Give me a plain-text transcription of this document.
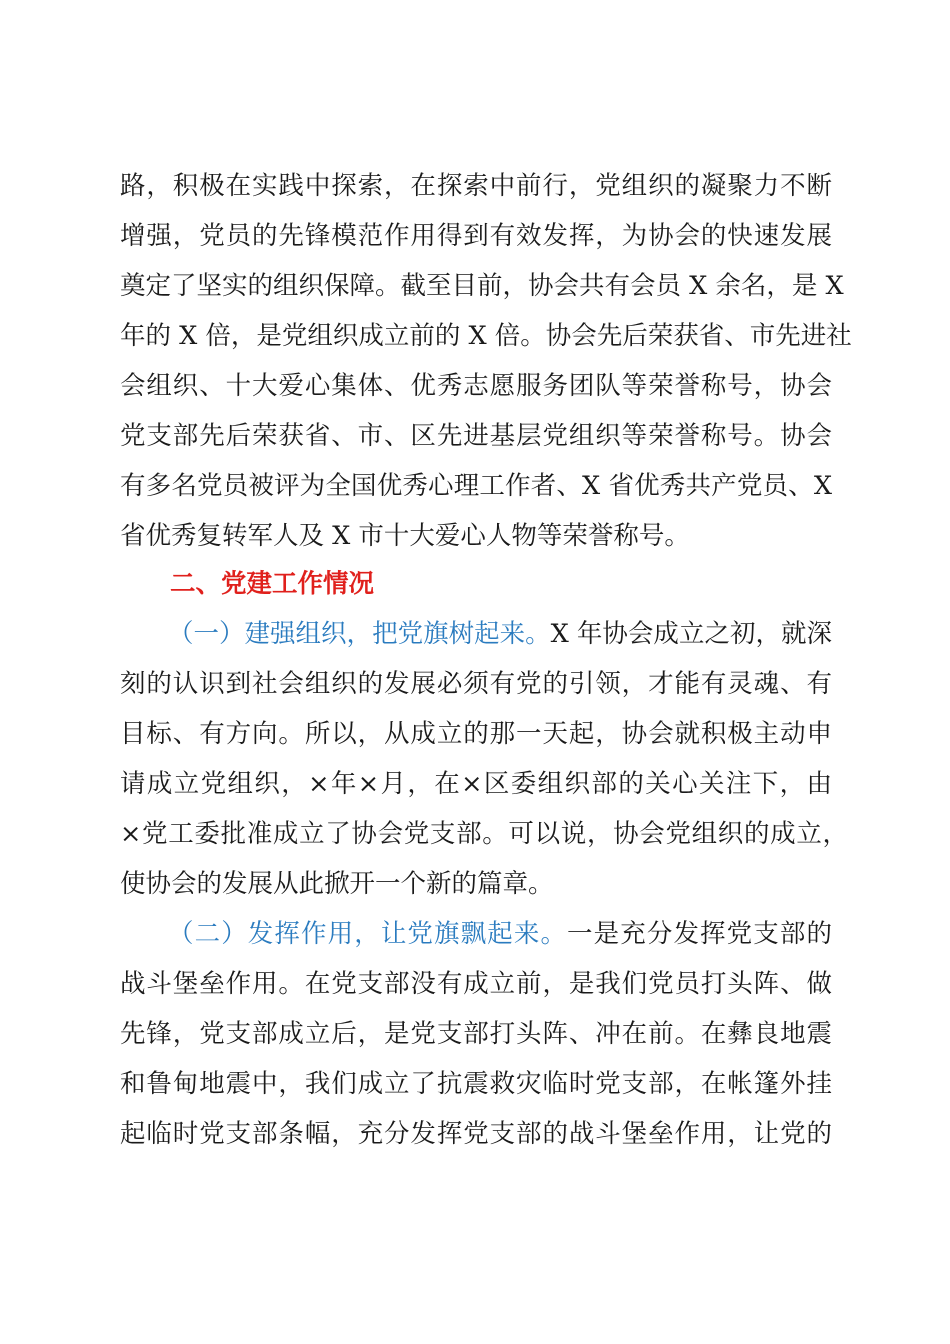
路，积极在实践中探索，在探索中前行，党组织的凝聚力不断
增强，党员的先锋模范作用得到有效发挥，为协会的快速发展
奠定了坚实的组织保障。截至目前，协会共有会员 X 余名，是 X
年的 X 倍，是党组织成立前的 X 倍。协会先后荣获省、市先进社
会组织、十大爱心集体、优秀志愿服务团队等荣誉称号，协会
党支部先后荣获省、市、区先进基层党组织等荣誉称号。协会
有多名党员被评为全国优秀心理工作者、X 省优秀共产党员、X
省优秀复转军人及 X 市十大爱心人物等荣誉称号。
二、党建工作情况
（一）建强组织，把党旗树起来。X 年协会成立之初，就深
刻的认识到社会组织的发展必须有党的引领，才能有灵魂、有
目标、有方向。所以，从成立的那一天起，协会就积极主动申
请成立党组织，×年×月，在×区委组织部的关心关注下，由
×党工委批准成立了协会党支部。可以说，协会党组织的成立，
使协会的发展从此掀开一个新的篇章。
（二）发挥作用，让党旗飘起来。一是充分发挥党支部的
战斗堡垒作用。在党支部没有成立前，是我们党员打头阵、做
先锋，党支部成立后，是党支部打头阵、冲在前。在彝良地震
和鲁甸地震中，我们成立了抗震救灾临时党支部，在帐篷外挂
起临时党支部条幅，充分发挥党支部的战斗堡垒作用，让党的
